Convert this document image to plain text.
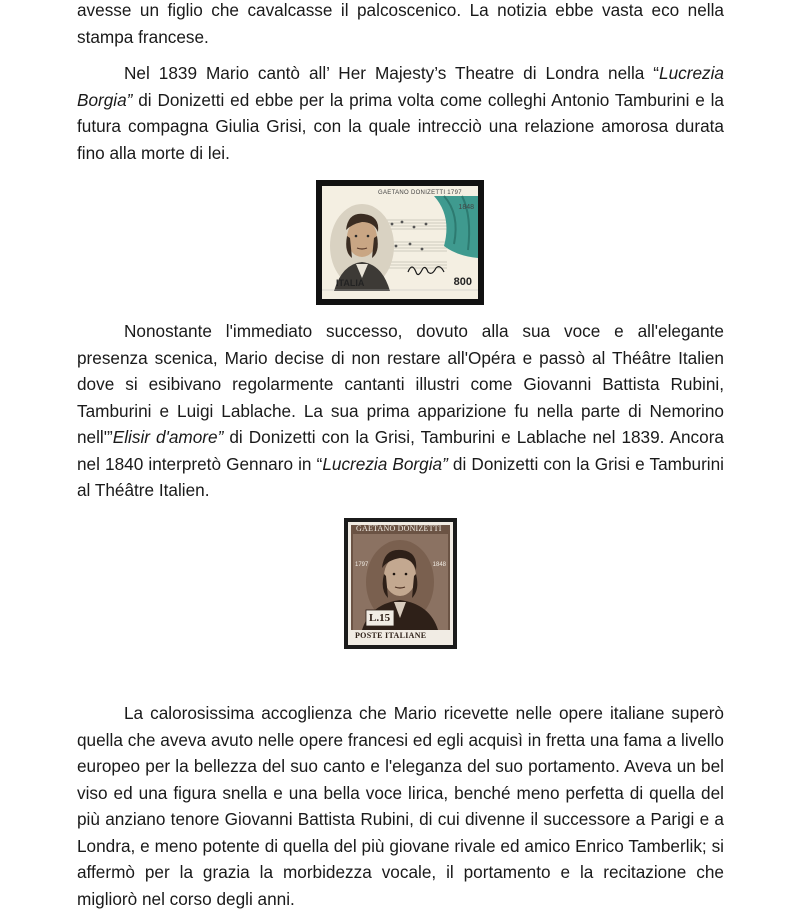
avesse un figlio che cavalcasse il palcoscenico. La notizia ebbe vasta eco nella stampa francese.

Nel 1839 Mario cantò all’ Her Majesty’s Theatre di Londra nella “Lucrezia Borgia” di Donizetti ed ebbe per la prima volta come colleghi Antonio Tamburini e la futura compagna Giulia Grisi, con la quale intrecciò una relazione amorosa durata fino alla morte di lei.

Nonostante l'immediato successo, dovuto alla sua voce e all'elegante presenza scenica, Mario decise di non restare all'Opéra e passò al Théâtre Italien dove si esibivano regolarmente cantanti illustri come Giovanni Battista Rubini, Tamburini e Luigi Lablache. La sua prima apparizione fu nella parte di Nemorino nell'”Elisir d'amore” di Donizetti con la Grisi, Tamburini e Lablache nel 1839. Ancora nel 1840 interpretò Gennaro in “Lucrezia Borgia” di Donizetti con la Grisi e Tamburini al Théâtre Italien.

La calorosissima accoglienza che Mario ricevette nelle opere italiane superò quella che aveva avuto nelle opere francesi ed egli acquisì in fretta una fama a livello europeo per la bellezza del suo canto e l'eleganza del suo portamento. Aveva un bel viso ed una figura snella e una bella voce lirica, benché meno perfetta di quella del più anziano tenore Giovanni Battista Rubini, di cui divenne il successore a Parigi e a Londra, e meno potente di quella del più giovane rivale ed amico Enrico Tamberlik; si affermò per la grazia la morbidezza vocale, il portamento e la recitazione che migliorò nel corso degli anni.

GAETANO DONIZETTI 1797
1848
ITALIA	800
GAETANO DONIZETTI
1797	1848
L.15
POSTE ITALIANE
